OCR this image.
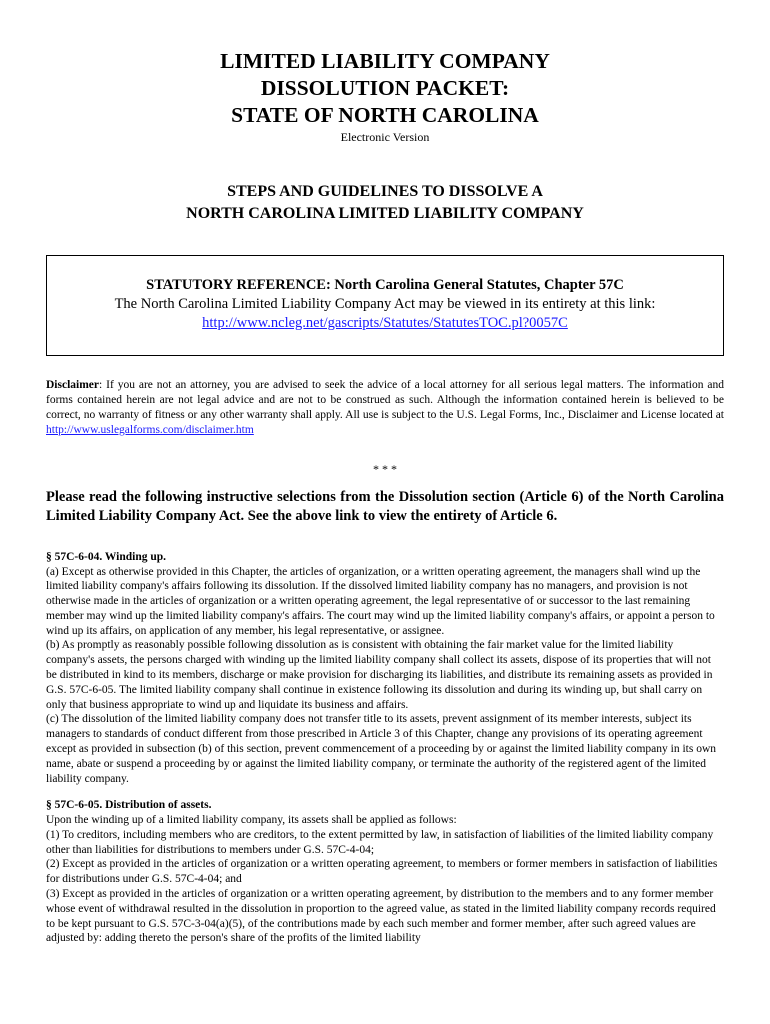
LIMITED LIABILITY COMPANY
DISSOLUTION PACKET:
STATE OF NORTH CAROLINA
Electronic Version
STEPS AND GUIDELINES TO DISSOLVE A
NORTH CAROLINA LIMITED LIABILITY COMPANY
STATUTORY REFERENCE: North Carolina General Statutes, Chapter 57C
The North Carolina Limited Liability Company Act may be viewed in its entirety at this link:
http://www.ncleg.net/gascripts/Statutes/StatutesTOC.pl?0057C
Disclaimer: If you are not an attorney, you are advised to seek the advice of a local attorney for all serious legal matters. The information and forms contained herein are not legal advice and are not to be construed as such. Although the information contained herein is believed to be correct, no warranty of fitness or any other warranty shall apply. All use is subject to the U.S. Legal Forms, Inc., Disclaimer and License located at http://www.uslegalforms.com/disclaimer.htm
* * *
Please read the following instructive selections from the Dissolution section (Article 6) of the North Carolina Limited Liability Company Act. See the above link to view the entirety of Article 6.
§ 57C-6-04. Winding up.
(a) Except as otherwise provided in this Chapter, the articles of organization, or a written operating agreement, the managers shall wind up the limited liability company's affairs following its dissolution. If the dissolved limited liability company has no managers, and provision is not otherwise made in the articles of organization or a written operating agreement, the legal representative of or successor to the last remaining member may wind up the limited liability company's affairs. The court may wind up the limited liability company's affairs, or appoint a person to wind up its affairs, on application of any member, his legal representative, or assignee.
(b) As promptly as reasonably possible following dissolution as is consistent with obtaining the fair market value for the limited liability company's assets, the persons charged with winding up the limited liability company shall collect its assets, dispose of its properties that will not be distributed in kind to its members, discharge or make provision for discharging its liabilities, and distribute its remaining assets as provided in G.S. 57C-6-05. The limited liability company shall continue in existence following its dissolution and during its winding up, but shall carry on only that business appropriate to wind up and liquidate its business and affairs.
(c) The dissolution of the limited liability company does not transfer title to its assets, prevent assignment of its member interests, subject its managers to standards of conduct different from those prescribed in Article 3 of this Chapter, change any provisions of its operating agreement except as provided in subsection (b) of this section, prevent commencement of a proceeding by or against the limited liability company in its own name, abate or suspend a proceeding by or against the limited liability company, or terminate the authority of the registered agent of the limited liability company.
§ 57C-6-05. Distribution of assets.
Upon the winding up of a limited liability company, its assets shall be applied as follows:
(1) To creditors, including members who are creditors, to the extent permitted by law, in satisfaction of liabilities of the limited liability company other than liabilities for distributions to members under G.S. 57C-4-04;
(2) Except as provided in the articles of organization or a written operating agreement, to members or former members in satisfaction of liabilities for distributions under G.S. 57C-4-04; and
(3) Except as provided in the articles of organization or a written operating agreement, by distribution to the members and to any former member whose event of withdrawal resulted in the dissolution in proportion to the agreed value, as stated in the limited liability company records required to be kept pursuant to G.S. 57C-3-04(a)(5), of the contributions made by each such member and former member, after such agreed values are adjusted by: adding thereto the person's share of the profits of the limited liability
